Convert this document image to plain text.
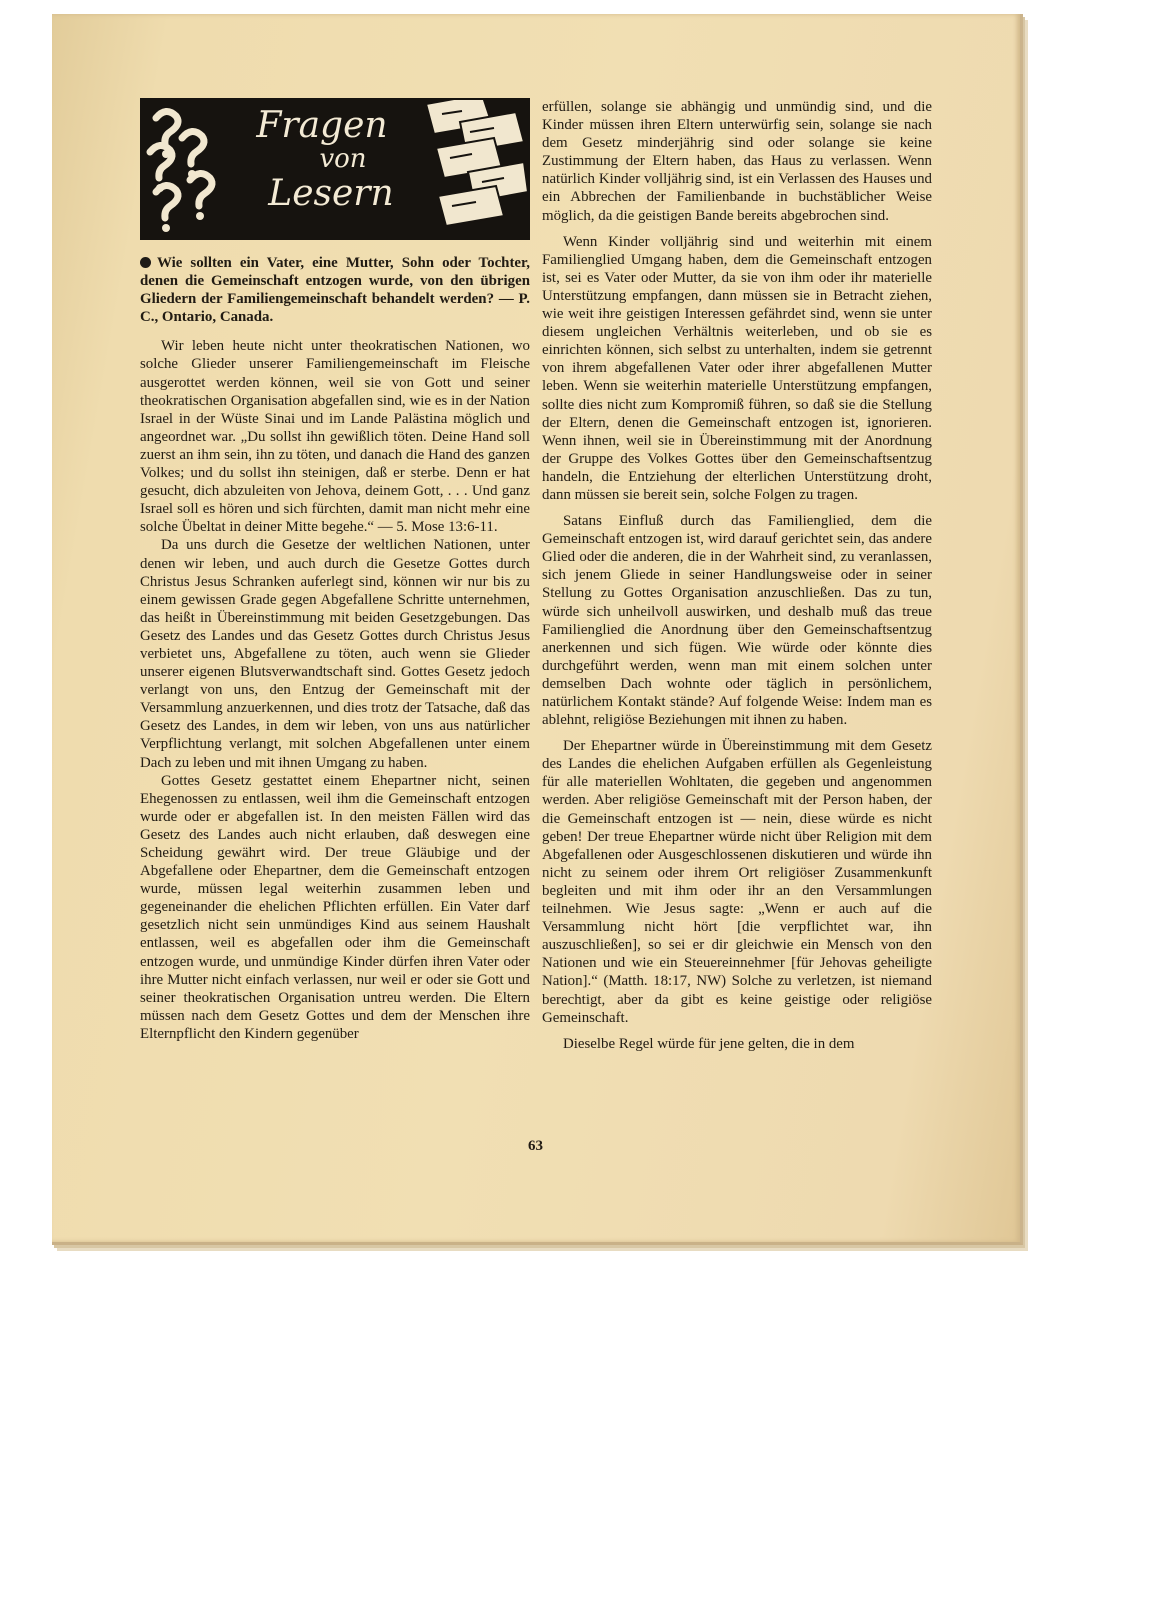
Fragen
von
Lesern

Wie sollten ein Vater, eine Mutter, Sohn oder Tochter, denen die Gemeinschaft entzogen wurde, von den übrigen Gliedern der Familiengemeinschaft behandelt werden? — P. C., Ontario, Canada.

Wir leben heute nicht unter theokratischen Nationen, wo solche Glieder unserer Familiengemeinschaft im Fleische ausgerottet werden können, weil sie von Gott und seiner theokratischen Organisation abgefallen sind, wie es in der Nation Israel in der Wüste Sinai und im Lande Palästina möglich und angeordnet war. „Du sollst ihn gewißlich töten. Deine Hand soll zuerst an ihm sein, ihn zu töten, und danach die Hand des ganzen Volkes; und du sollst ihn steinigen, daß er sterbe. Denn er hat gesucht, dich abzuleiten von Jehova, deinem Gott, . . . Und ganz Israel soll es hören und sich fürchten, damit man nicht mehr eine solche Übeltat in deiner Mitte begehe.“ — 5. Mose 13:6-11.

Da uns durch die Gesetze der weltlichen Nationen, unter denen wir leben, und auch durch die Gesetze Gottes durch Christus Jesus Schranken auferlegt sind, können wir nur bis zu einem gewissen Grade gegen Abgefallene Schritte unternehmen, das heißt in Übereinstimmung mit beiden Gesetzgebungen. Das Gesetz des Landes und das Gesetz Gottes durch Christus Jesus verbietet uns, Abgefallene zu töten, auch wenn sie Glieder unserer eigenen Blutsverwandtschaft sind. Gottes Gesetz jedoch verlangt von uns, den Entzug der Gemeinschaft mit der Versammlung anzuerkennen, und dies trotz der Tatsache, daß das Gesetz des Landes, in dem wir leben, von uns aus natürlicher Verpflichtung verlangt, mit solchen Abgefallenen unter einem Dach zu leben und mit ihnen Umgang zu haben.

Gottes Gesetz gestattet einem Ehepartner nicht, seinen Ehegenossen zu entlassen, weil ihm die Gemeinschaft entzogen wurde oder er abgefallen ist. In den meisten Fällen wird das Gesetz des Landes auch nicht erlauben, daß deswegen eine Scheidung gewährt wird. Der treue Gläubige und der Abgefallene oder Ehepartner, dem die Gemeinschaft entzogen wurde, müssen legal weiterhin zusammen leben und gegeneinander die ehelichen Pflichten erfüllen. Ein Vater darf gesetzlich nicht sein unmündiges Kind aus seinem Haushalt entlassen, weil es abgefallen oder ihm die Gemeinschaft entzogen wurde, und unmündige Kinder dürfen ihren Vater oder ihre Mutter nicht einfach verlassen, nur weil er oder sie Gott und seiner theokratischen Organisation untreu werden. Die Eltern müssen nach dem Gesetz Gottes und dem der Menschen ihre Elternpflicht den Kindern gegenüber

erfüllen, solange sie abhängig und unmündig sind, und die Kinder müssen ihren Eltern unterwürfig sein, solange sie nach dem Gesetz minderjährig sind oder solange sie keine Zustimmung der Eltern haben, das Haus zu verlassen. Wenn natürlich Kinder volljährig sind, ist ein Verlassen des Hauses und ein Abbrechen der Familienbande in buchstäblicher Weise möglich, da die geistigen Bande bereits abgebrochen sind.

Wenn Kinder volljährig sind und weiterhin mit einem Familienglied Umgang haben, dem die Gemeinschaft entzogen ist, sei es Vater oder Mutter, da sie von ihm oder ihr materielle Unterstützung empfangen, dann müssen sie in Betracht ziehen, wie weit ihre geistigen Interessen gefährdet sind, wenn sie unter diesem ungleichen Verhältnis weiterleben, und ob sie es einrichten können, sich selbst zu unterhalten, indem sie getrennt von ihrem abgefallenen Vater oder ihrer abgefallenen Mutter leben. Wenn sie weiterhin materielle Unterstützung empfangen, sollte dies nicht zum Kompromiß führen, so daß sie die Stellung der Eltern, denen die Gemeinschaft entzogen ist, ignorieren. Wenn ihnen, weil sie in Übereinstimmung mit der Anordnung der Gruppe des Volkes Gottes über den Gemeinschaftsentzug handeln, die Entziehung der elterlichen Unterstützung droht, dann müssen sie bereit sein, solche Folgen zu tragen.

Satans Einfluß durch das Familienglied, dem die Gemeinschaft entzogen ist, wird darauf gerichtet sein, das andere Glied oder die anderen, die in der Wahrheit sind, zu veranlassen, sich jenem Gliede in seiner Handlungsweise oder in seiner Stellung zu Gottes Organisation anzuschließen. Das zu tun, würde sich unheilvoll auswirken, und deshalb muß das treue Familienglied die Anordnung über den Gemeinschaftsentzug anerkennen und sich fügen. Wie würde oder könnte dies durchgeführt werden, wenn man mit einem solchen unter demselben Dach wohnte oder täglich in persönlichem, natürlichem Kontakt stände? Auf folgende Weise: Indem man es ablehnt, religiöse Beziehungen mit ihnen zu haben.

Der Ehepartner würde in Übereinstimmung mit dem Gesetz des Landes die ehelichen Aufgaben erfüllen als Gegenleistung für alle materiellen Wohltaten, die gegeben und angenommen werden. Aber religiöse Gemeinschaft mit der Person haben, der die Gemeinschaft entzogen ist — nein, diese würde es nicht geben! Der treue Ehepartner würde nicht über Religion mit dem Abgefallenen oder Ausgeschlossenen diskutieren und würde ihn nicht zu seinem oder ihrem Ort religiöser Zusammenkunft begleiten und mit ihm oder ihr an den Versammlungen teilnehmen. Wie Jesus sagte: „Wenn er auch auf die Versammlung nicht hört [die verpflichtet war, ihn auszuschließen], so sei er dir gleichwie ein Mensch von den Nationen und wie ein Steuereinnehmer [für Jehovas geheiligte Nation].“ (Matth. 18:17, NW) Solche zu verletzen, ist niemand berechtigt, aber da gibt es keine geistige oder religiöse Gemeinschaft.

Dieselbe Regel würde für jene gelten, die in dem

63
